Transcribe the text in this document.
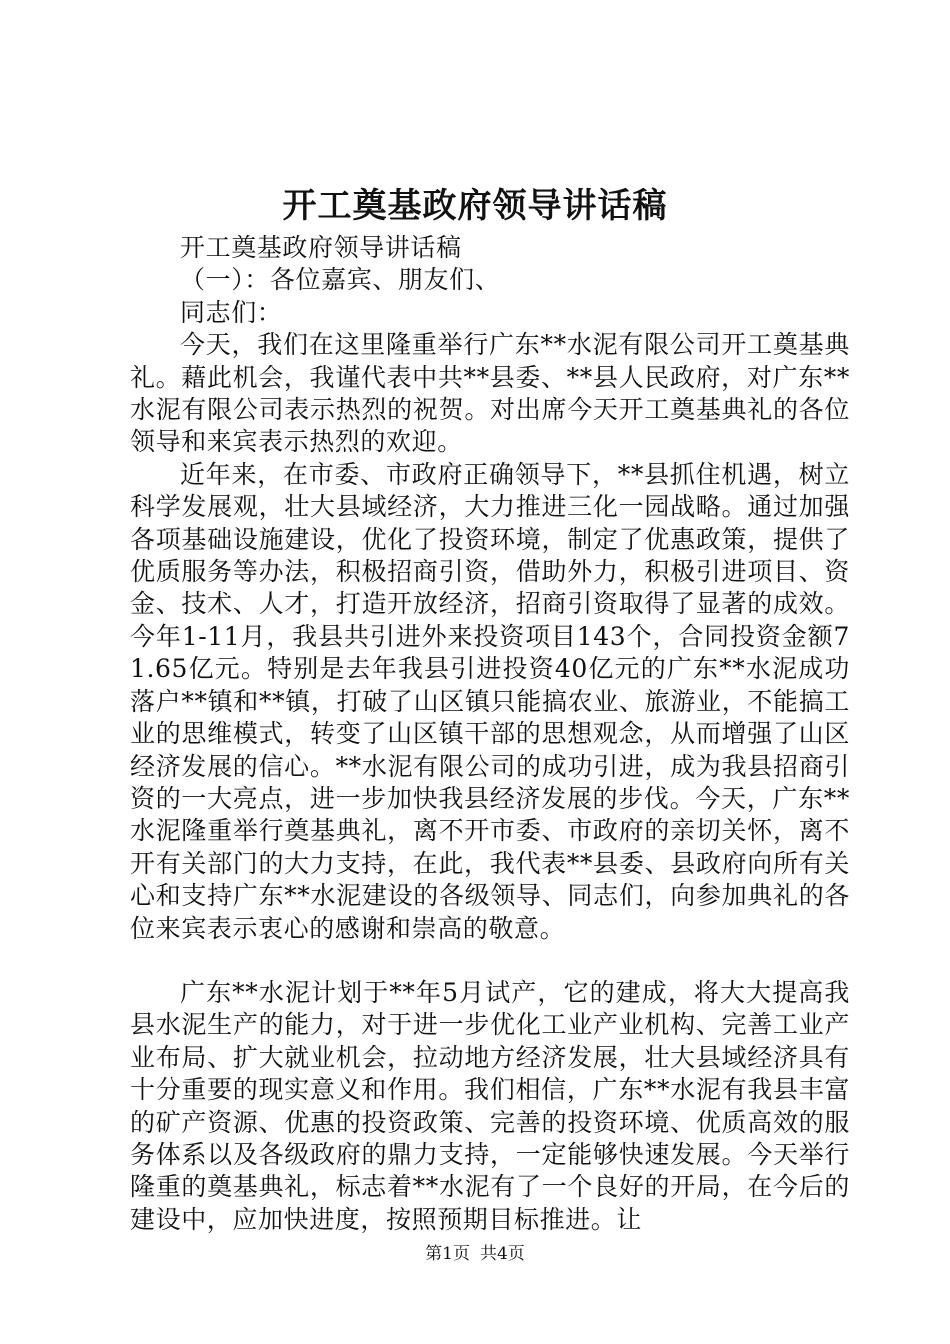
开工奠基政府领导讲话稿

开工奠基政府领导讲话稿

（一）：各位嘉宾、朋友们、

同志们：

今天，我们在这里隆重举行广东**水泥有限公司开工奠基典礼。藉此机会，我谨代表中共**县委、**县人民政府，对广东**水泥有限公司表示热烈的祝贺。对出席今天开工奠基典礼的各位领导和来宾表示热烈的欢迎。

近年来，在市委、市政府正确领导下，**县抓住机遇，树立科学发展观，壮大县域经济，大力推进三化一园战略。通过加强各项基础设施建设，优化了投资环境，制定了优惠政策，提供了优质服务等办法，积极招商引资，借助外力，积极引进项目、资金、技术、人才，打造开放经济，招商引资取得了显著的成效。今年1-11月，我县共引进外来投资项目143个，合同投资金额71.65亿元。特别是去年我县引进投资40亿元的广东**水泥成功落户**镇和**镇，打破了山区镇只能搞农业、旅游业，不能搞工业的思维模式，转变了山区镇干部的思想观念，从而增强了山区经济发展的信心。**水泥有限公司的成功引进，成为我县招商引资的一大亮点，进一步加快我县经济发展的步伐。今天，广东**水泥隆重举行奠基典礼，离不开市委、市政府的亲切关怀，离不开有关部门的大力支持，在此，我代表**县委、县政府向所有关心和支持广东**水泥建设的各级领导、同志们，向参加典礼的各位来宾表示衷心的感谢和崇高的敬意。

广东**水泥计划于**年5月试产，它的建成，将大大提高我县水泥生产的能力，对于进一步优化工业产业机构、完善工业产业布局、扩大就业机会，拉动地方经济发展，壮大县域经济具有十分重要的现实意义和作用。我们相信，广东**水泥有我县丰富的矿产资源、优惠的投资政策、完善的投资环境、优质高效的服务体系以及各级政府的鼎力支持，一定能够快速发展。今天举行隆重的奠基典礼，标志着**水泥有了一个良好的开局，在今后的建设中，应加快进度，按照预期目标推进。让

第1页 共4页
